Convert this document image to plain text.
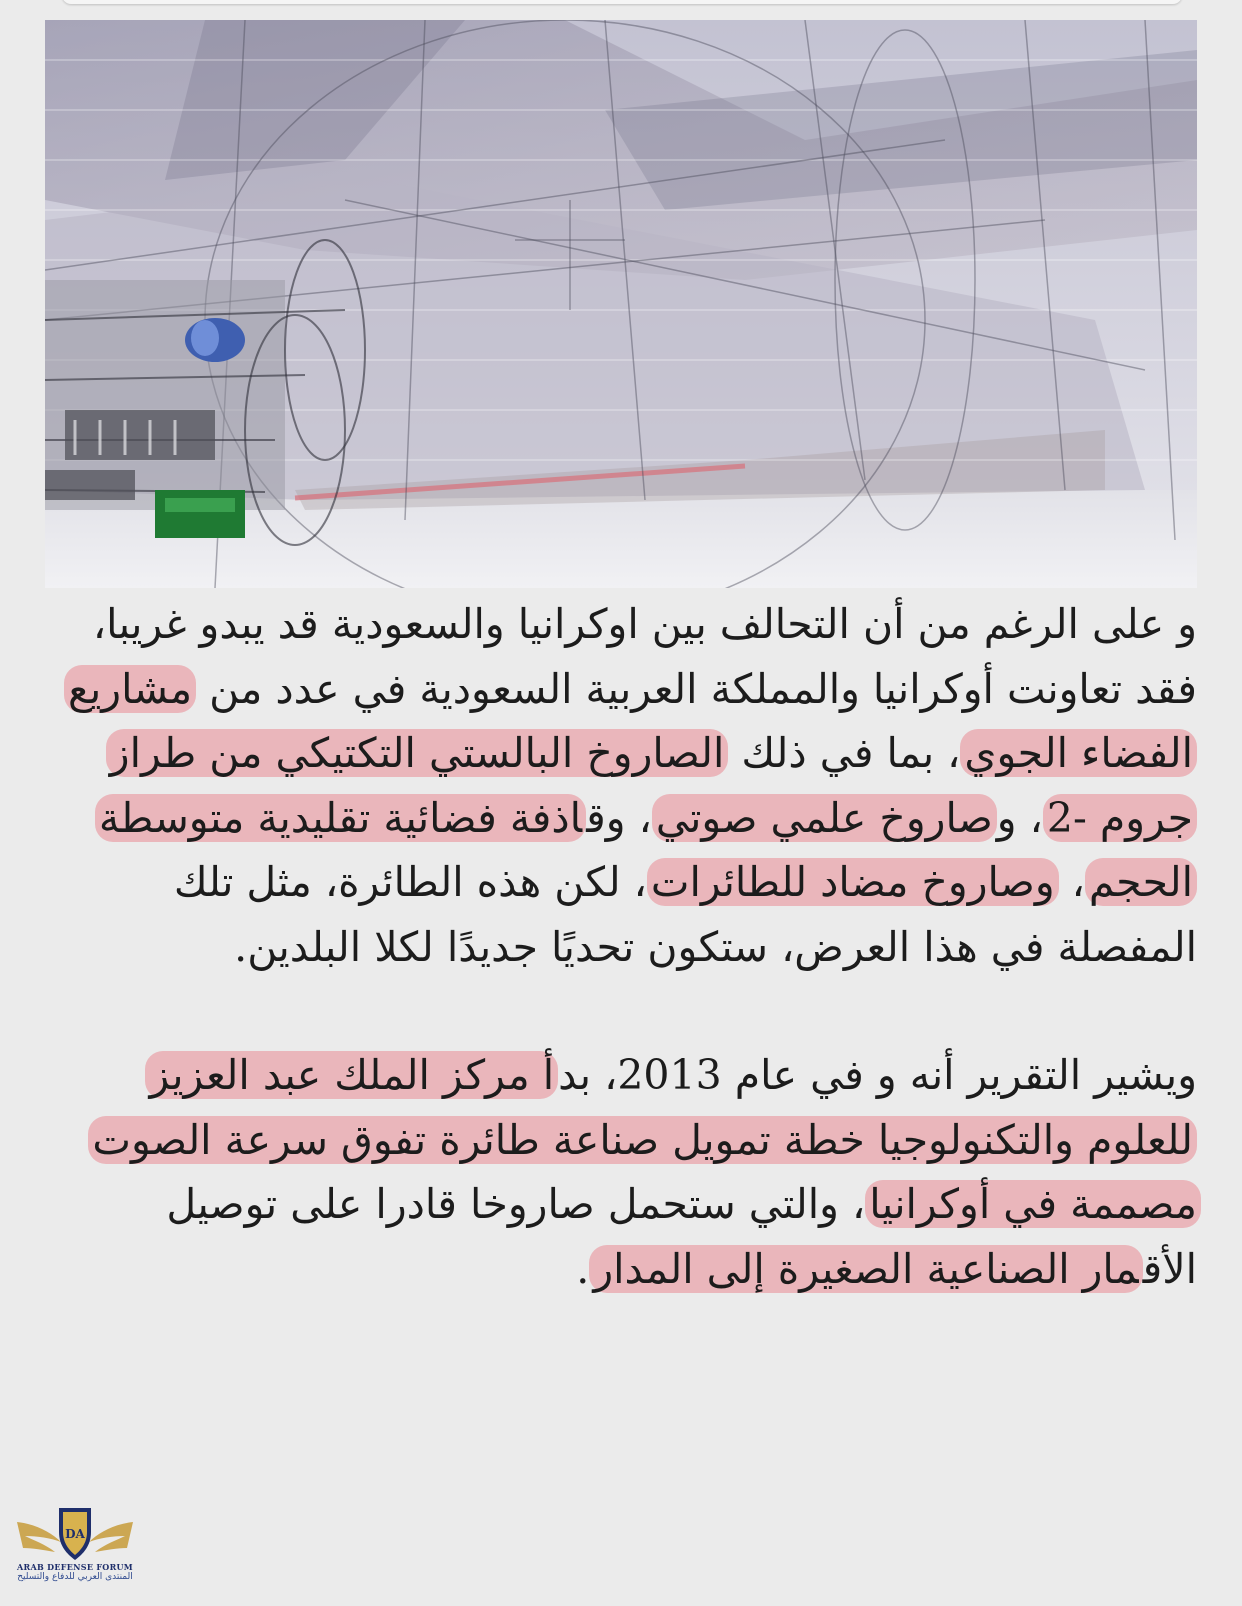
و على الرغم من أن التحالف بين اوكرانيا والسعودية قد يبدو غريبا، فقد تعاونت أوكرانيا والمملكة العربية السعودية في عدد من مشاريع الفضاء الجوي، بما في ذلك الصاروخ البالستي التكتيكي من طراز جروم -2، وصاروخ علمي صوتي، وقاذفة فضائية تقليدية متوسطة الحجم، وصاروخ مضاد للطائرات، لكن هذه الطائرة، مثل تلك المفصلة في هذا العرض، ستكون تحديًا جديدًا لكلا البلدين.

ويشير التقرير أنه و في عام 2013، بدأ مركز الملك عبد العزيز للعلوم والتكنولوجيا خطة تمويل صناعة طائرة تفوق سرعة الصوت مصممة في أوكرانيا، والتي ستحمل صاروخا قادرا على توصيل الأقمار الصناعية الصغيرة إلى المدار.

DA
ARAB DEFENSE FORUM
المنتدى العربي للدفاع والتسليح
